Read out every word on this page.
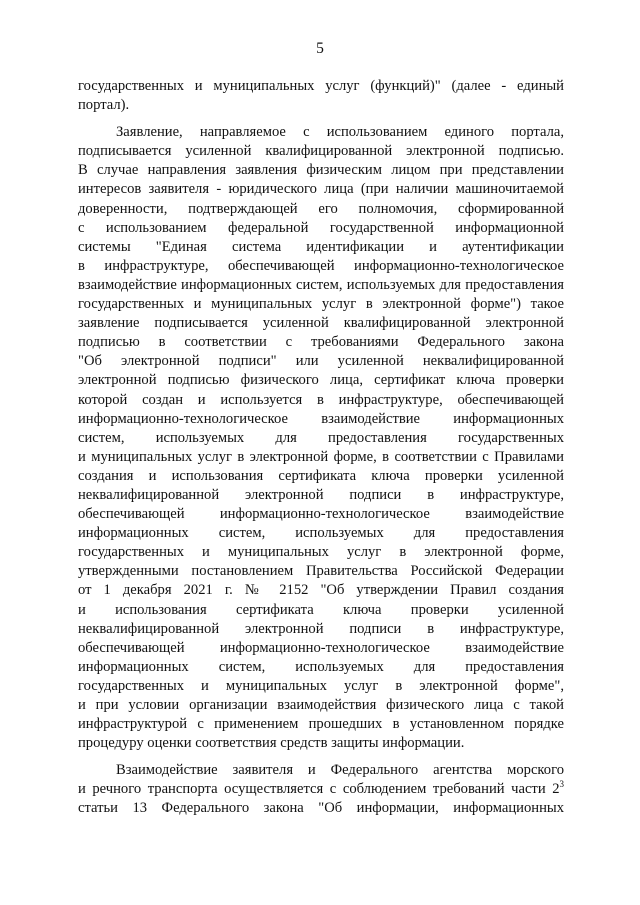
5
государственных и муниципальных услуг (функций)" (далее - единый
портал).
Заявление, направляемое с использованием единого портала,
подписывается усиленной квалифицированной электронной подписью.
В случае направления заявления физическим лицом при представлении
интересов заявителя - юридического лица (при наличии машиночитаемой
доверенности, подтверждающей его полномочия, сформированной
с использованием федеральной государственной информационной
системы "Единая система идентификации и аутентификации
в инфраструктуре, обеспечивающей информационно-технологическое
взаимодействие информационных систем, используемых для предоставления
государственных и муниципальных услуг в электронной форме") такое
заявление подписывается усиленной квалифицированной электронной
подписью в соответствии с требованиями Федерального закона
"Об электронной подписи" или усиленной неквалифицированной
электронной подписью физического лица, сертификат ключа проверки
которой создан и используется в инфраструктуре, обеспечивающей
информационно-технологическое взаимодействие информационных
систем, используемых для предоставления государственных
и муниципальных услуг в электронной форме, в соответствии с Правилами
создания и использования сертификата ключа проверки усиленной
неквалифицированной электронной подписи в инфраструктуре,
обеспечивающей информационно-технологическое взаимодействие
информационных систем, используемых для предоставления
государственных и муниципальных услуг в электронной форме,
утвержденными постановлением Правительства Российской Федерации
от 1 декабря 2021 г. № 2152 "Об утверждении Правил создания
и использования сертификата ключа проверки усиленной
неквалифицированной электронной подписи в инфраструктуре,
обеспечивающей информационно-технологическое взаимодействие
информационных систем, используемых для предоставления
государственных и муниципальных услуг в электронной форме",
и при условии организации взаимодействия физического лица с такой
инфраструктурой с применением прошедших в установленном порядке
процедуру оценки соответствия средств защиты информации.
Взаимодействие заявителя и Федерального агентства морского
и речного транспорта осуществляется с соблюдением требований части $2^3$
статьи 13 Федерального закона "Об информации, информационных
